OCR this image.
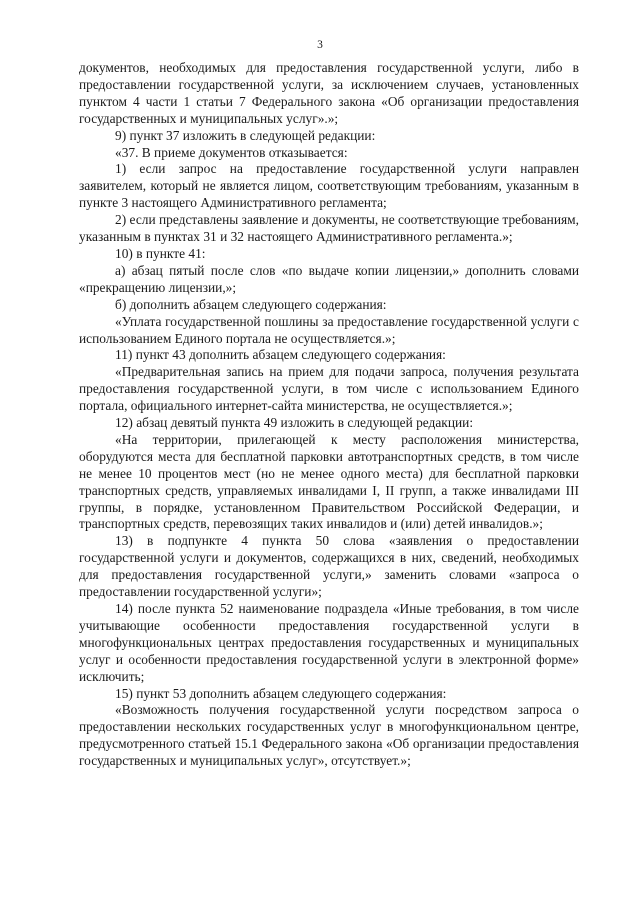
3

документов, необходимых для предоставления государственной услуги, либо в предоставлении государственной услуги, за исключением случаев, установленных пунктом 4 части 1 статьи 7 Федерального закона «Об организации предоставления государственных и муниципальных услуг».»;

9) пункт 37 изложить в следующей редакции:

«37. В приеме документов отказывается:

1) если запрос на предоставление государственной услуги направлен заявителем, который не является лицом, соответствующим требованиям, указанным в пункте 3 настоящего Административного регламента;

2) если представлены заявление и документы, не соответствующие требованиям, указанным в пунктах 31 и 32 настоящего Административного регламента.»;

10) в пункте 41:

а) абзац пятый после слов «по выдаче копии лицензии,» дополнить словами «прекращению лицензии,»;

б) дополнить абзацем следующего содержания:

«Уплата государственной пошлины за предоставление государственной услуги с использованием Единого портала не осуществляется.»;

11) пункт 43 дополнить абзацем следующего содержания:

«Предварительная запись на прием для подачи запроса, получения результата предоставления государственной услуги, в том числе с использованием Единого портала, официального интернет-сайта министерства, не осуществляется.»;

12) абзац девятый пункта 49 изложить в следующей редакции:

«На территории, прилегающей к месту расположения министерства, оборудуются места для бесплатной парковки автотранспортных средств, в том числе не менее 10 процентов мест (но не менее одного места) для бесплатной парковки транспортных средств, управляемых инвалидами I, II групп, а также инвалидами III группы, в порядке, установленном Правительством Российской Федерации, и транспортных средств, перевозящих таких инвалидов и (или) детей инвалидов.»;

13) в подпункте 4 пункта 50 слова «заявления о предоставлении государственной услуги и документов, содержащихся в них, сведений, необходимых для предоставления государственной услуги,» заменить словами «запроса о предоставлении государственной услуги»;

14) после пункта 52 наименование подраздела «Иные требования, в том числе учитывающие особенности предоставления государственной услуги в многофункциональных центрах предоставления государственных и муниципальных услуг и особенности предоставления государственной услуги в электронной форме» исключить;

15) пункт 53 дополнить абзацем следующего содержания:

«Возможность получения государственной услуги посредством запроса о предоставлении нескольких государственных услуг в многофункциональном центре, предусмотренного статьей 15.1 Федерального закона «Об организации предоставления государственных и муниципальных услуг», отсутствует.»;
